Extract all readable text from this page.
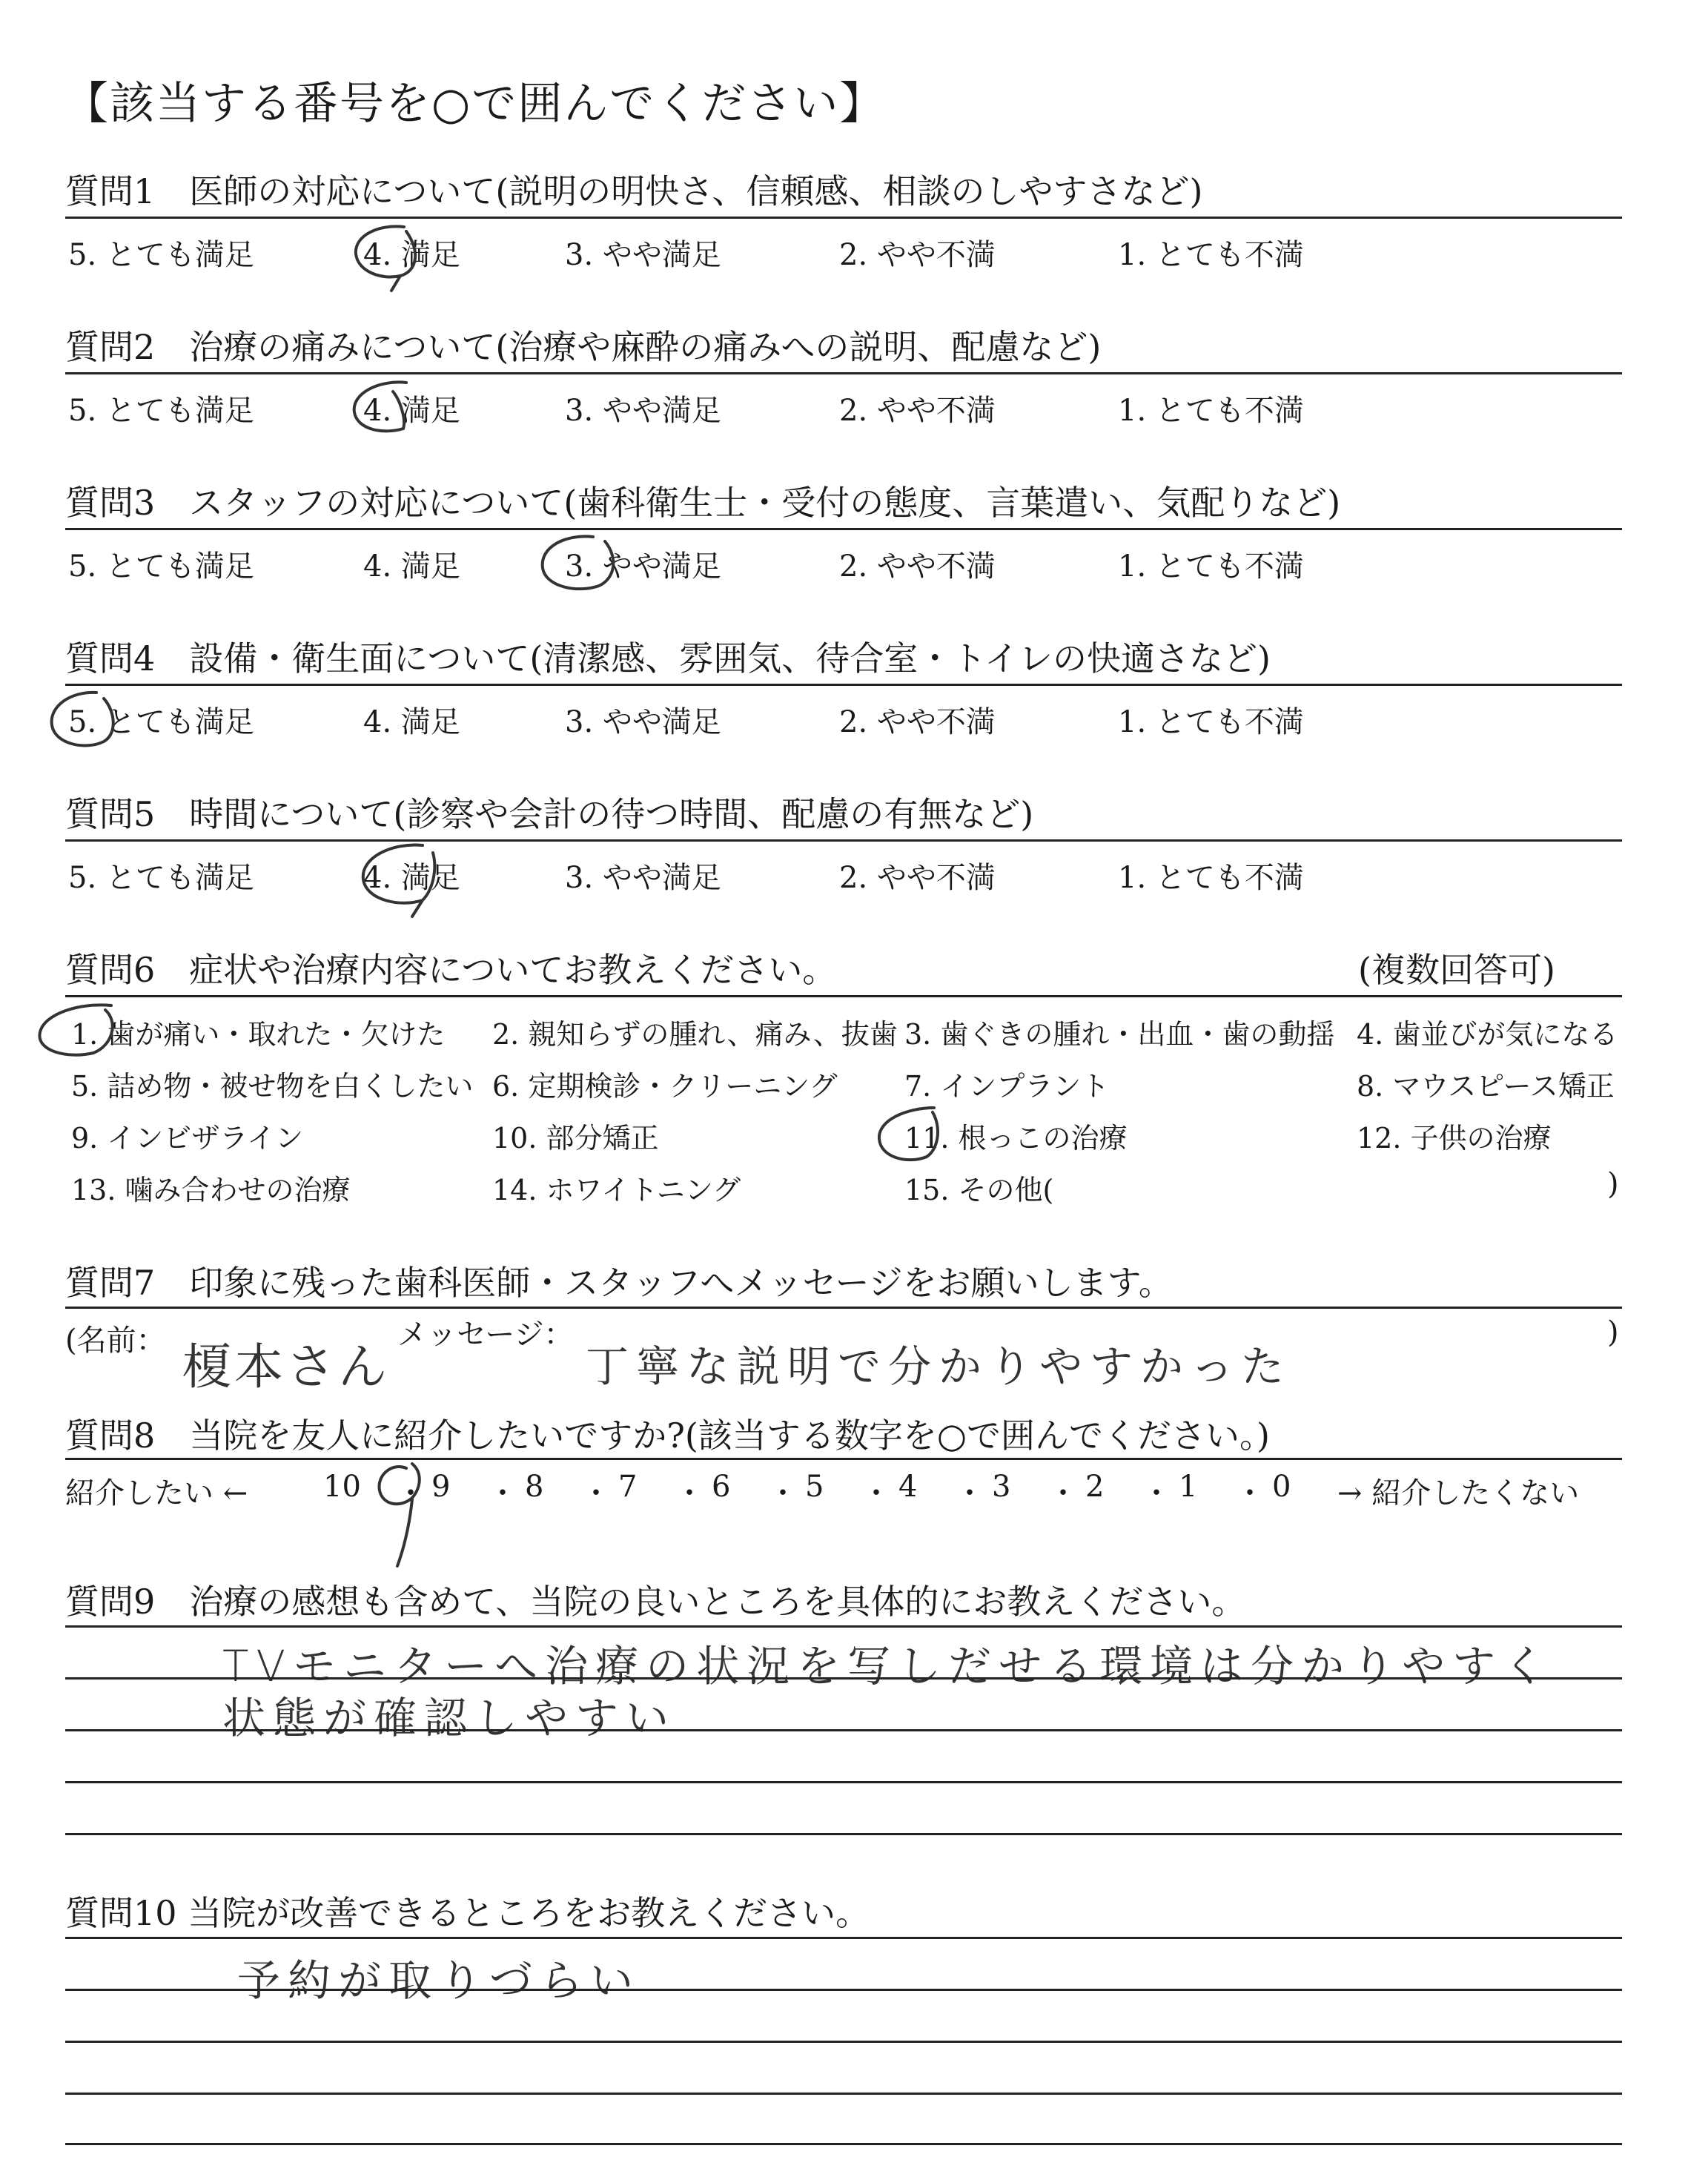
【該当する番号を○で囲んでください】
質問1　医師の対応について(説明の明快さ、信頼感、相談のしやすさなど)
5. とても満足	4. 満足	3. やや満足	2. やや不満	1. とても不満
質問2　治療の痛みについて(治療や麻酔の痛みへの説明、配慮など)
5. とても満足	4. 満足	3. やや満足	2. やや不満	1. とても不満
質問3　スタッフの対応について(歯科衛生士・受付の態度、言葉遣い、気配りなど)
5. とても満足	4. 満足	3. やや満足	2. やや不満	1. とても不満
質問4　設備・衛生面について(清潔感、雰囲気、待合室・トイレの快適さなど)
5. とても満足	4. 満足	3. やや満足	2. やや不満	1. とても不満
質問5　時間について(診察や会計の待つ時間、配慮の有無など)
5. とても満足	4. 満足	3. やや満足	2. やや不満	1. とても不満
質問6　症状や治療内容についてお教えください。	(複数回答可)
1. 歯が痛い・取れた・欠けた 2. 親知らずの腫れ、痛み、抜歯 3. 歯ぐきの腫れ・出血・歯の動揺 4. 歯並びが気になる
5. 詰め物・被せ物を白くしたい 6. 定期検診・クリーニング 7. インプラント	8. マウスピース矯正
9. インビザライン	10. 部分矯正	11. 根っこの治療	12. 子供の治療
13. 噛み合わせの治療	14. ホワイトニング	15. その他(	)
質問7　印象に残った歯科医師・スタッフへメッセージをお願いします。
(名前： 榎本さん
メッセージ：
丁寧な説明で分かりやすかった
)
質問8　当院を友人に紹介したいですか?(該当する数字を○で囲んでください。)
紹介したい ←	10 ・ 9 ・ 8 ・ 7 ・ 6 ・ 5 ・ 4 ・ 3 ・ 2 ・ 1 ・ 0 → 紹介したくない
質問9　治療の感想も含めて、当院の良いところを具体的にお教えください。
TVモニターへ治療の状況を写しだせる環境は分かりやすく
状態が確認しやすい
質問10 当院が改善できるところをお教えください。
予約が取りづらい
